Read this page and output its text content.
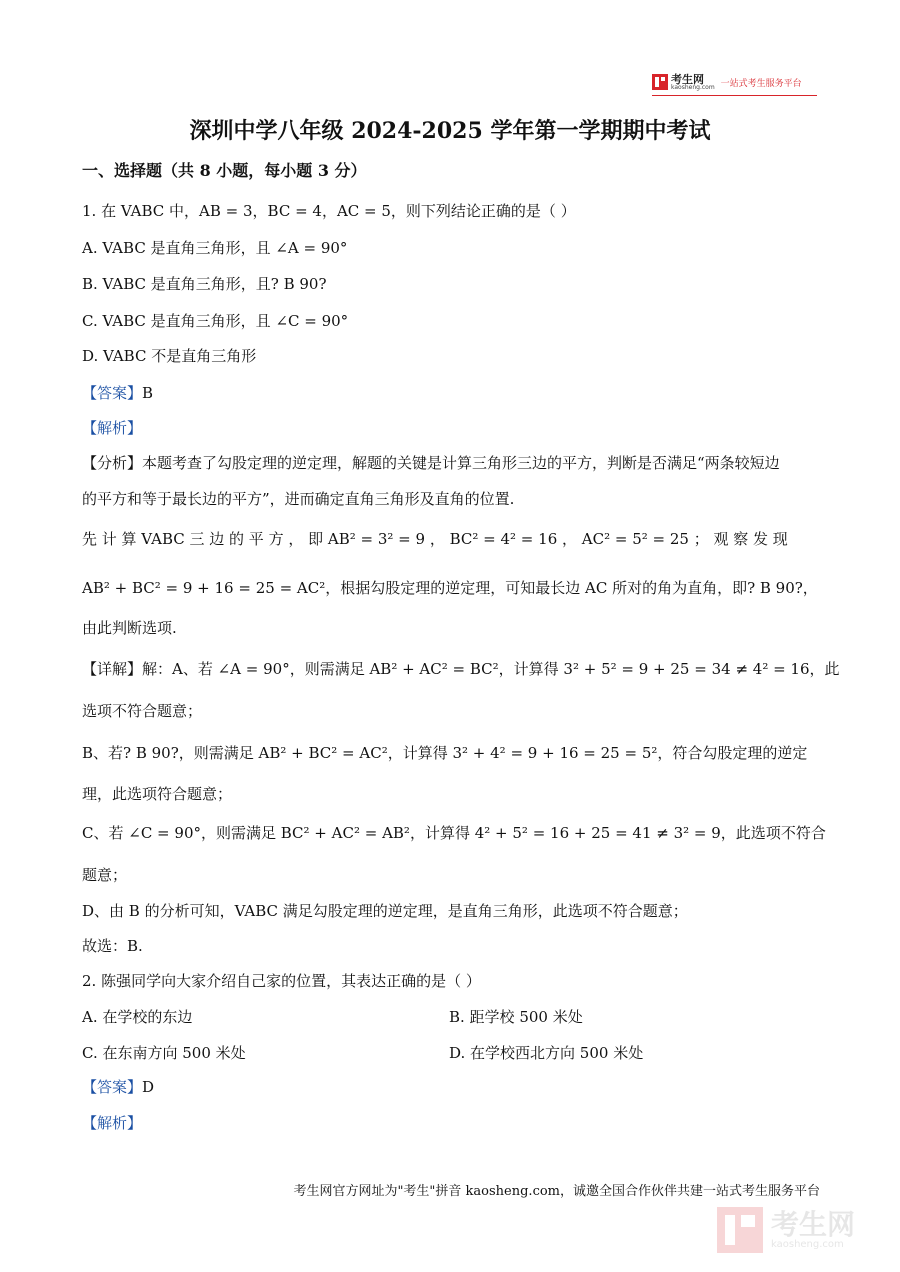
考生网
kaosheng.com 一站式考生服务平台
深圳中学八年级 2024-2025 学年第一学期期中考试
一、选择题（共 8 小题，每小题 3 分）
1. 在 VABC 中，AB = 3，BC = 4，AC = 5，则下列结论正确的是（ ）
A. VABC 是直角三角形，且 ∠A = 90°
B. VABC 是直角三角形，且? B 90?
C. VABC 是直角三角形，且 ∠C = 90°
D. VABC 不是直角三角形
【答案】B
【解析】
【分析】本题考查了勾股定理的逆定理，解题的关键是计算三角形三边的平方，判断是否满足“两条较短边
的平方和等于最长边的平方”，进而确定直角三角形及直角的位置.
先 计 算 VABC 三 边 的 平 方 ， 即 AB² = 3² = 9 ， BC² = 4² = 16 ， AC² = 5² = 25 ； 观 察 发 现
AB² + BC² = 9 + 16 = 25 = AC²，根据勾股定理的逆定理，可知最长边 AC 所对的角为直角，即? B 90?，
由此判断选项.
【详解】解：A、若 ∠A = 90°，则需满足 AB² + AC² = BC²，计算得 3² + 5² = 9 + 25 = 34 ≠ 4² = 16，此
选项不符合题意；
B、若? B 90?，则需满足 AB² + BC² = AC²，计算得 3² + 4² = 9 + 16 = 25 = 5²，符合勾股定理的逆定
理，此选项符合题意；
C、若 ∠C = 90°，则需满足 BC² + AC² = AB²，计算得 4² + 5² = 16 + 25 = 41 ≠ 3² = 9，此选项不符合
题意；
D、由 B 的分析可知，VABC 满足勾股定理的逆定理，是直角三角形，此选项不符合题意；
故选：B.
2. 陈强同学向大家介绍自己家的位置，其表达正确的是（ ）
A. 在学校的东边	B. 距学校 500 米处
C. 在东南方向 500 米处	D. 在学校西北方向 500 米处
【答案】D
【解析】
考生网官方网址为"考生"拼音 kaosheng.com，诚邀全国合作伙伴共建一站式考生服务平台
考生网
kaosheng.com
